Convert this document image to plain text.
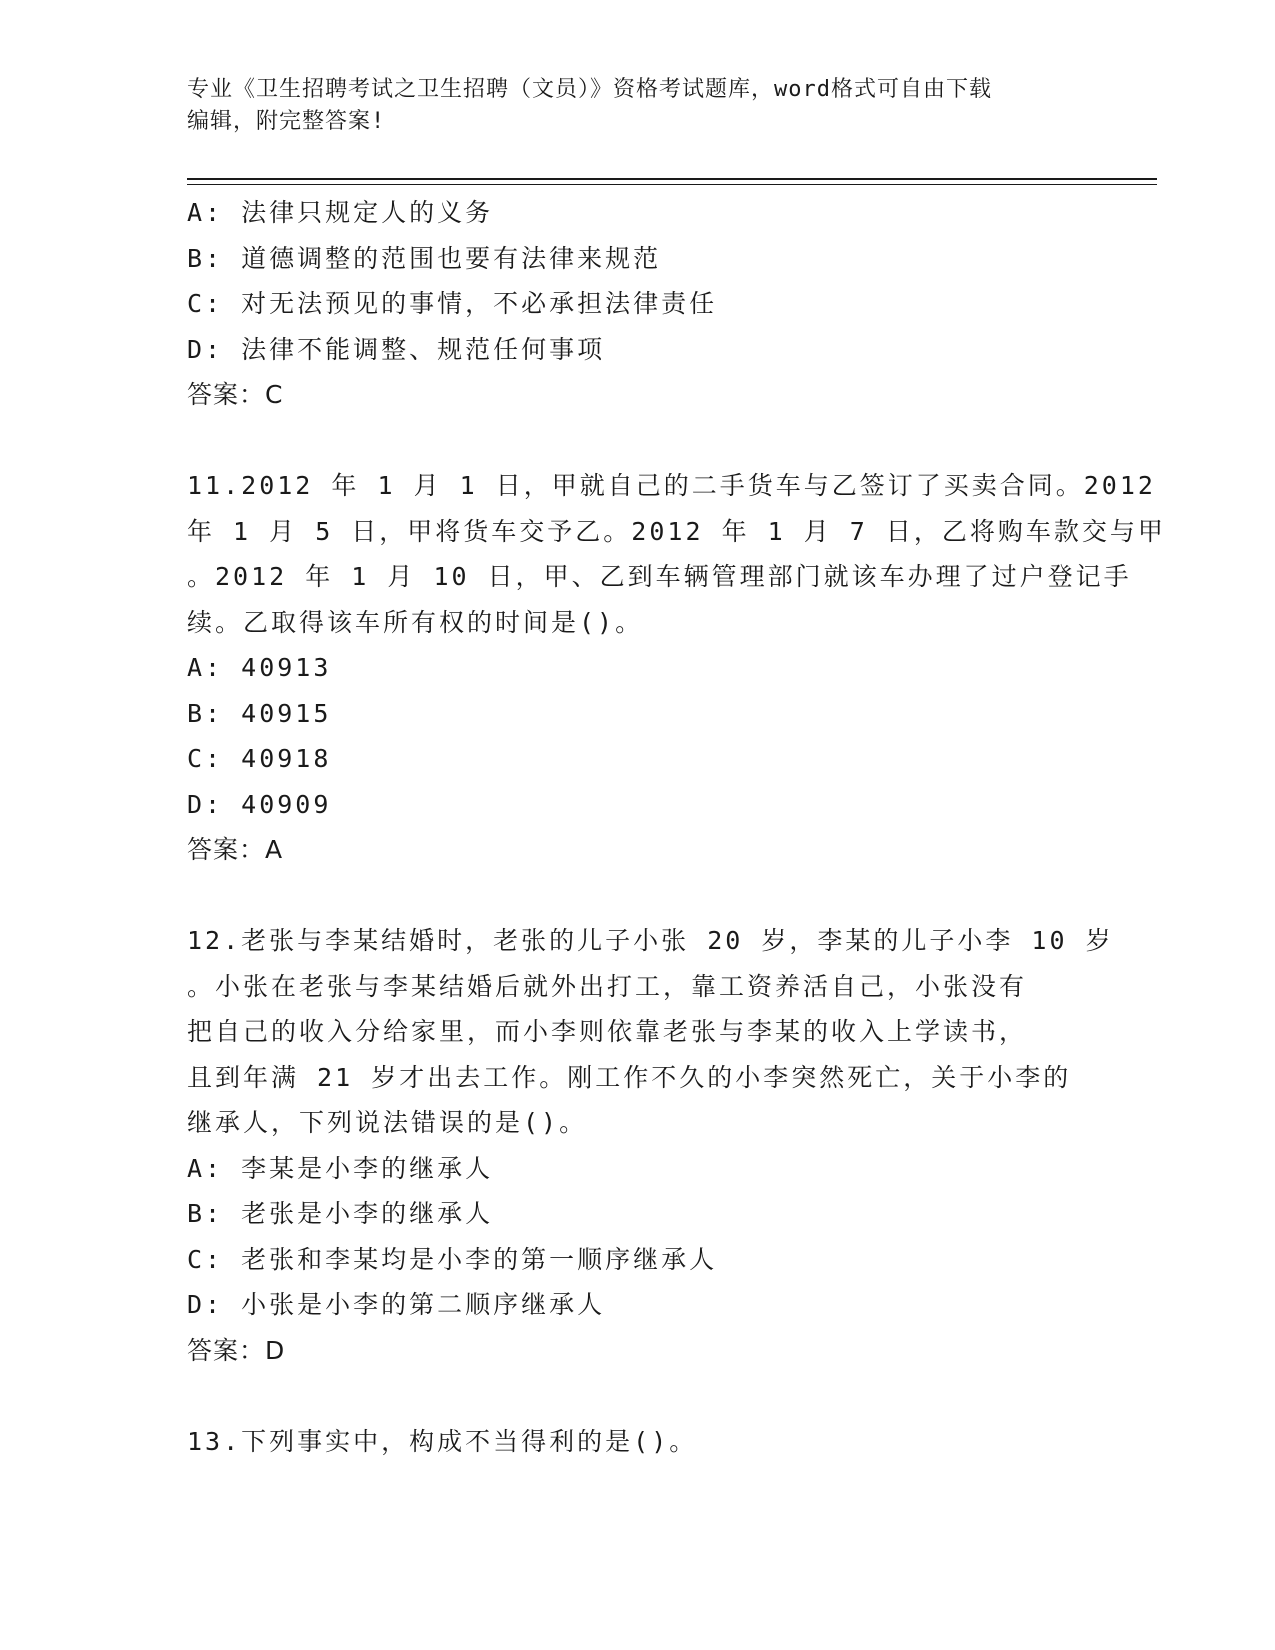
专业《卫生招聘考试之卫生招聘（文员）》资格考试题库，word格式可自由下载
编辑，附完整答案!
A: 法律只规定人的义务
B: 道德调整的范围也要有法律来规范
C: 对无法预见的事情，不必承担法律责任
D: 法律不能调整、规范任何事项
答案：C
11.2012 年 1 月 1 日，甲就自己的二手货车与乙签订了买卖合同。2012
年 1 月 5 日，甲将货车交予乙。2012 年 1 月 7 日，乙将购车款交与甲
。2012 年 1 月 10 日，甲、乙到车辆管理部门就该车办理了过户登记手
续。乙取得该车所有权的时间是()。
A: 40913
B: 40915
C: 40918
D: 40909
答案：A
12.老张与李某结婚时，老张的儿子小张 20 岁，李某的儿子小李 10 岁
。小张在老张与李某结婚后就外出打工，靠工资养活自己，小张没有
把自己的收入分给家里，而小李则依靠老张与李某的收入上学读书，
且到年满 21 岁才出去工作。刚工作不久的小李突然死亡，关于小李的
继承人，下列说法错误的是()。
A: 李某是小李的继承人
B: 老张是小李的继承人
C: 老张和李某均是小李的第一顺序继承人
D: 小张是小李的第二顺序继承人
答案：D
13.下列事实中，构成不当得利的是()。
